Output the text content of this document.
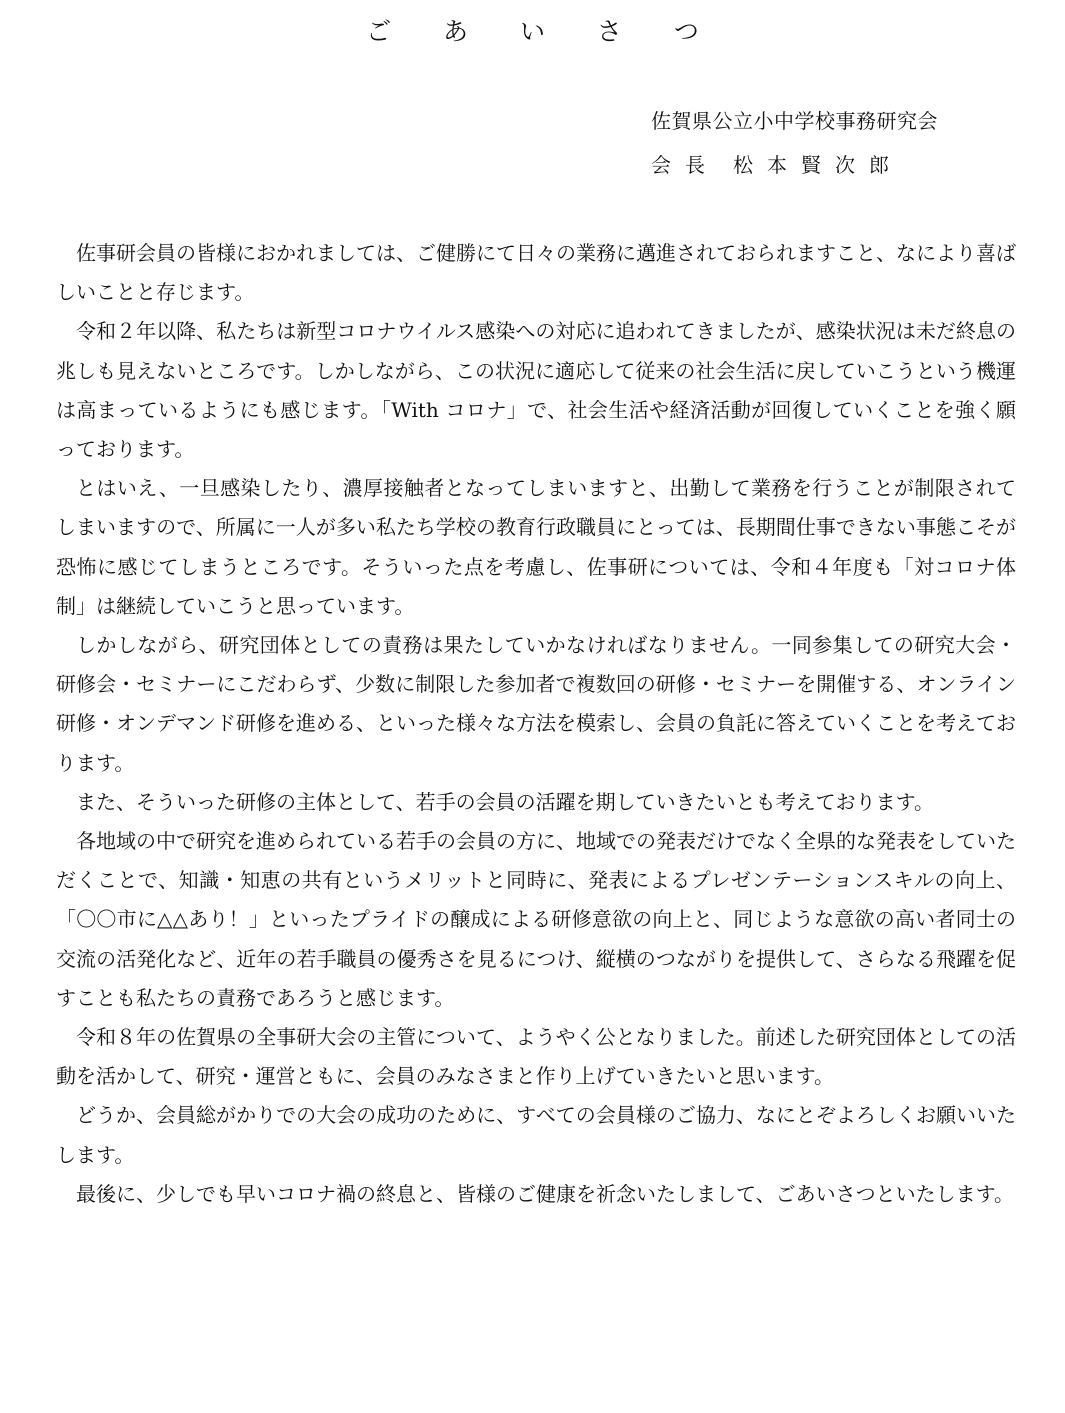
ご あ い さ つ
佐賀県公立小中学校事務研究会
会長 松本賢次郎

佐事研会員の皆様におかれましては、ご健勝にて日々の業務に邁進されておられますこと、なにより喜ばしいことと存じます。

令和２年以降、私たちは新型コロナウイルス感染への対応に追われてきましたが、感染状況は未だ終息の兆しも見えないところです。しかしながら、この状況に適応して従来の社会生活に戻していこうという機運は高まっているようにも感じます。「With コロナ」で、社会生活や経済活動が回復していくことを強く願っております。

とはいえ、一旦感染したり、濃厚接触者となってしまいますと、出勤して業務を行うことが制限されてしまいますので、所属に一人が多い私たち学校の教育行政職員にとっては、長期間仕事できない事態こそが恐怖に感じてしまうところです。そういった点を考慮し、佐事研については、令和４年度も「対コロナ体制」は継続していこうと思っています。

しかしながら、研究団体としての責務は果たしていかなければなりません。一同参集しての研究大会・研修会・セミナーにこだわらず、少数に制限した参加者で複数回の研修・セミナーを開催する、オンライン研修・オンデマンド研修を進める、といった様々な方法を模索し、会員の負託に答えていくことを考えております。

また、そういった研修の主体として、若手の会員の活躍を期していきたいとも考えております。

各地域の中で研究を進められている若手の会員の方に、地域での発表だけでなく全県的な発表をしていただくことで、知識・知恵の共有というメリットと同時に、発表によるプレゼンテーションスキルの向上、「〇〇市に△△あり！」といったプライドの醸成による研修意欲の向上と、同じような意欲の高い者同士の交流の活発化など、近年の若手職員の優秀さを見るにつけ、縦横のつながりを提供して、さらなる飛躍を促すことも私たちの責務であろうと感じます。

令和８年の佐賀県の全事研大会の主管について、ようやく公となりました。前述した研究団体としての活動を活かして、研究・運営ともに、会員のみなさまと作り上げていきたいと思います。

どうか、会員総がかりでの大会の成功のために、すべての会員様のご協力、なにとぞよろしくお願いいたします。

最後に、少しでも早いコロナ禍の終息と、皆様のご健康を祈念いたしまして、ごあいさつといたします。
